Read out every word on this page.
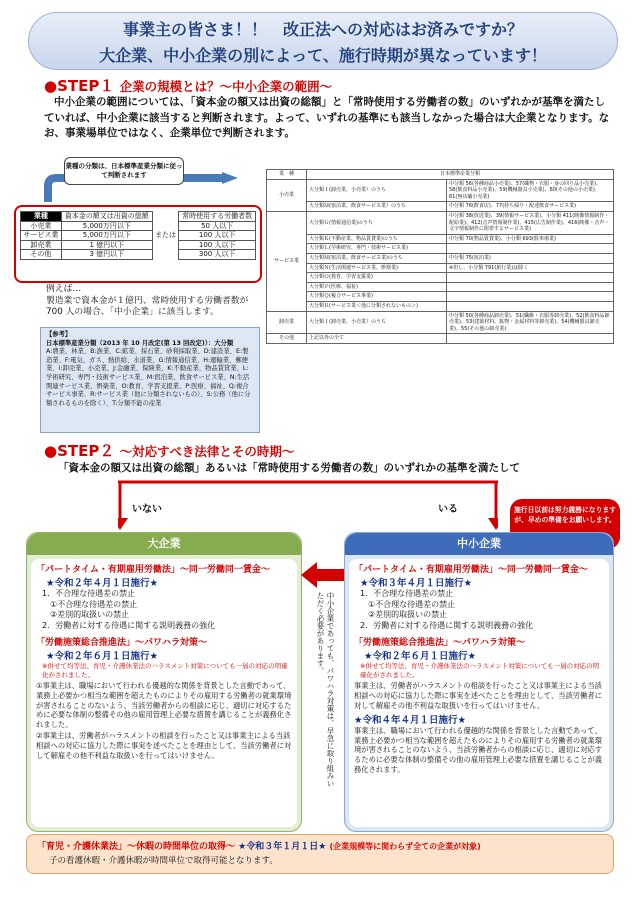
事業主の皆さま！！　改正法への対応はお済みですか？
大企業、中小企業の別によって、施行時期が異なっています！
●STEP１ 企業の規模とは？～中小企業の範囲～
中小企業の範囲については、「資本金の額又は出資の総額」と「常時使用する労働者の数」のいずれかが基準を満たしていれば、中小企業に該当すると判断されます。よって、いずれの基準にも該当しなかった場合は大企業となります。なお、事業場単位ではなく、企業単位で判断されます。
業種の分類は、日本標準産業分類に従って判断されます
業種	資本金の額又は出資の総額	または	常時使用する労働者数
小売業	5,000万円以下		50 人以下
サービス業	5,000万円以下		100 人以下
卸売業	1 億円以下		100 人以下
その他	3 億円以下		300 人以下
例えば…
製造業で資本金が１億円、常時使用する労働者数が
700 人の場合、「中小企業」に該当します。
【参考】
日本標準産業分類（2013 年 10 月改定(第 13 回改定)）：大分類
A:農業、林業、B:漁業、C:鉱業、採石業、砂利採取業、D:建設業、E:製造業、F:電気、ガス、熱供給、水道業、G:情報通信業、H:運輸業、郵便業、I:卸売業、小売業、J:金融業、保険業、K:不動産業、物品賃貸業、L:学術研究、専門・技術サービス業、M:宿泊業、飲食サービス業、N:生活関連サービス業、娯楽業、O:教育、学習支援業、P:医療、福祉、Q:複合サービス事業、R:サービス業（他に分類されないもの）、S:公務（他に分類されるものを除く）、T:分類不能の産業
業　種	日本標準産業分類	
小売業	大分類Ｉ(卸売業、小売業）のうち	中分類 56(各種商品小売業)、57(織物・衣服・身の回り品小売業)、58(飲食料品小売業)、59(機械器具小売業)、60(その他の小売業)、61(無店舗小売業)
	大分類Ｍ(宿泊業、飲食サービス業）のうち	中分類 76(飲食店)、77(持ち帰り・配達飲食サービス業)
サービス業	大分類Ｇ(情報通信業)のうち	中分類 38(放送業)、39(情報サービス業)、小分類 411(映像情報制作・配給業)、412(音声情報制作業)、415(広告制作業)、416(映像・音声・文字情報制作に附帯するサービス業)
	大分類Ｋ(不動産業、物品賃貸業)のうち	中分類 70(物品賃貸業)、小分類 693(駐車場業)
	大分類Ｌ(学術研究、専門・技術サービス業)	
	大分類Ｍ(宿泊業、飲食サービス業)のうち	中分類 75(宿泊業)
	大分類Ｎ(生活関連サービス業、娯楽業)	※但し、小分類 791(旅行業)は除く
	大分類Ｏ(教育、学習支援業)	
	大分類Ｐ(医療、福祉)	
	大分類Ｑ(複合サービス事業)	
	大分類Ｒ(サービス業＜他に分類されないもの＞)	
卸売業	大分類Ｉ(卸売業、小売業）のうち	中分類 50(各種商品卸売業)、51(繊維・衣服等卸売業)、52(飲食料品卸売業)、53(建築材料、鉱物・金属材料等卸売業)、54(機械器具卸売業)、55(その他の卸売業)
その他	上記以外の全て	
●STEP２ ～対応すべき法律とその時期～
「資本金の額又は出資の総額」あるいは「常時使用する労働者の数」のいずれかの基準を満たして
いない	いる	施行日以前は努力義務になりますが、早めの準備をお願いします。
大企業
「パートタイム・有期雇用労働法」～同一労働同一賃金～
★令和２年４月１日施行★
1．不合理な待遇差の禁止
①不合理な待遇差の禁止
②差別的取扱いの禁止
2．労働者に対する待遇に関する説明義務の強化
「労働施策総合推進法」～パワハラ対策～
★令和２年６月１日施行★
※併せて均等法、育児・介護休業法のハラスメント対策についても一層の対応の明確化がされました。
①事業主は、職場において行われる優越的な関係を背景とした言動であって、業務上必要かつ相当な範囲を超えたものによりその雇用する労働者の就業環境が害されることのないよう、当該労働者からの相談に応じ、適切に対応するために必要な体制の整備その他の雇用管理上必要な措置を講じることが義務化されました。
②事業主は、労働者がハラスメントの相談を行ったこと又は事業主による当該相談への対応に協力した際に事実を述べたことを理由として、当該労働者に対して解雇その他不利益な取扱いを行ってはいけません。	中小企業であっても、パワハラ対策は、早急に取り組みいただく必要があります。
中小企業
「パートタイム・有期雇用労働法」～同一労働同一賃金～
★令和３年４月１日施行★
1．不合理な待遇差の禁止
①不合理な待遇差の禁止
②差別的取扱いの禁止
2．労働者に対する待遇に関する説明義務の強化
「労働施策総合推進法」～パワハラ対策～
★令和２年６月１日施行★
※併せて均等法、育児・介護休業法のハラスメント対策についても一層の対応の明確化がされました。
事業主は、労働者がハラスメントの相談を行ったこと又は事業主による当該相談への対応に協力した際に事実を述べたことを理由として、当該労働者に対して解雇その他不利益な取扱いを行ってはいけません。
★令和４年４月１日施行★
事業主は、職場において行われる優越的な関係を背景とした言動であって、業務上必要かつ相当な範囲を超えたものによりその雇用する労働者の就業環境が害されることのないよう、当該労働者からの相談に応じ、適切に対応するために必要な体制の整備その他の雇用管理上必要な措置を講じることが義務化されます。
「育児・介護休業法」～休暇の時間単位の取得～ ★令和３年１月１日★ (企業規模等に関わらず全ての企業が対象)
子の看護休暇・介護休暇が時間単位で取得可能となります。
